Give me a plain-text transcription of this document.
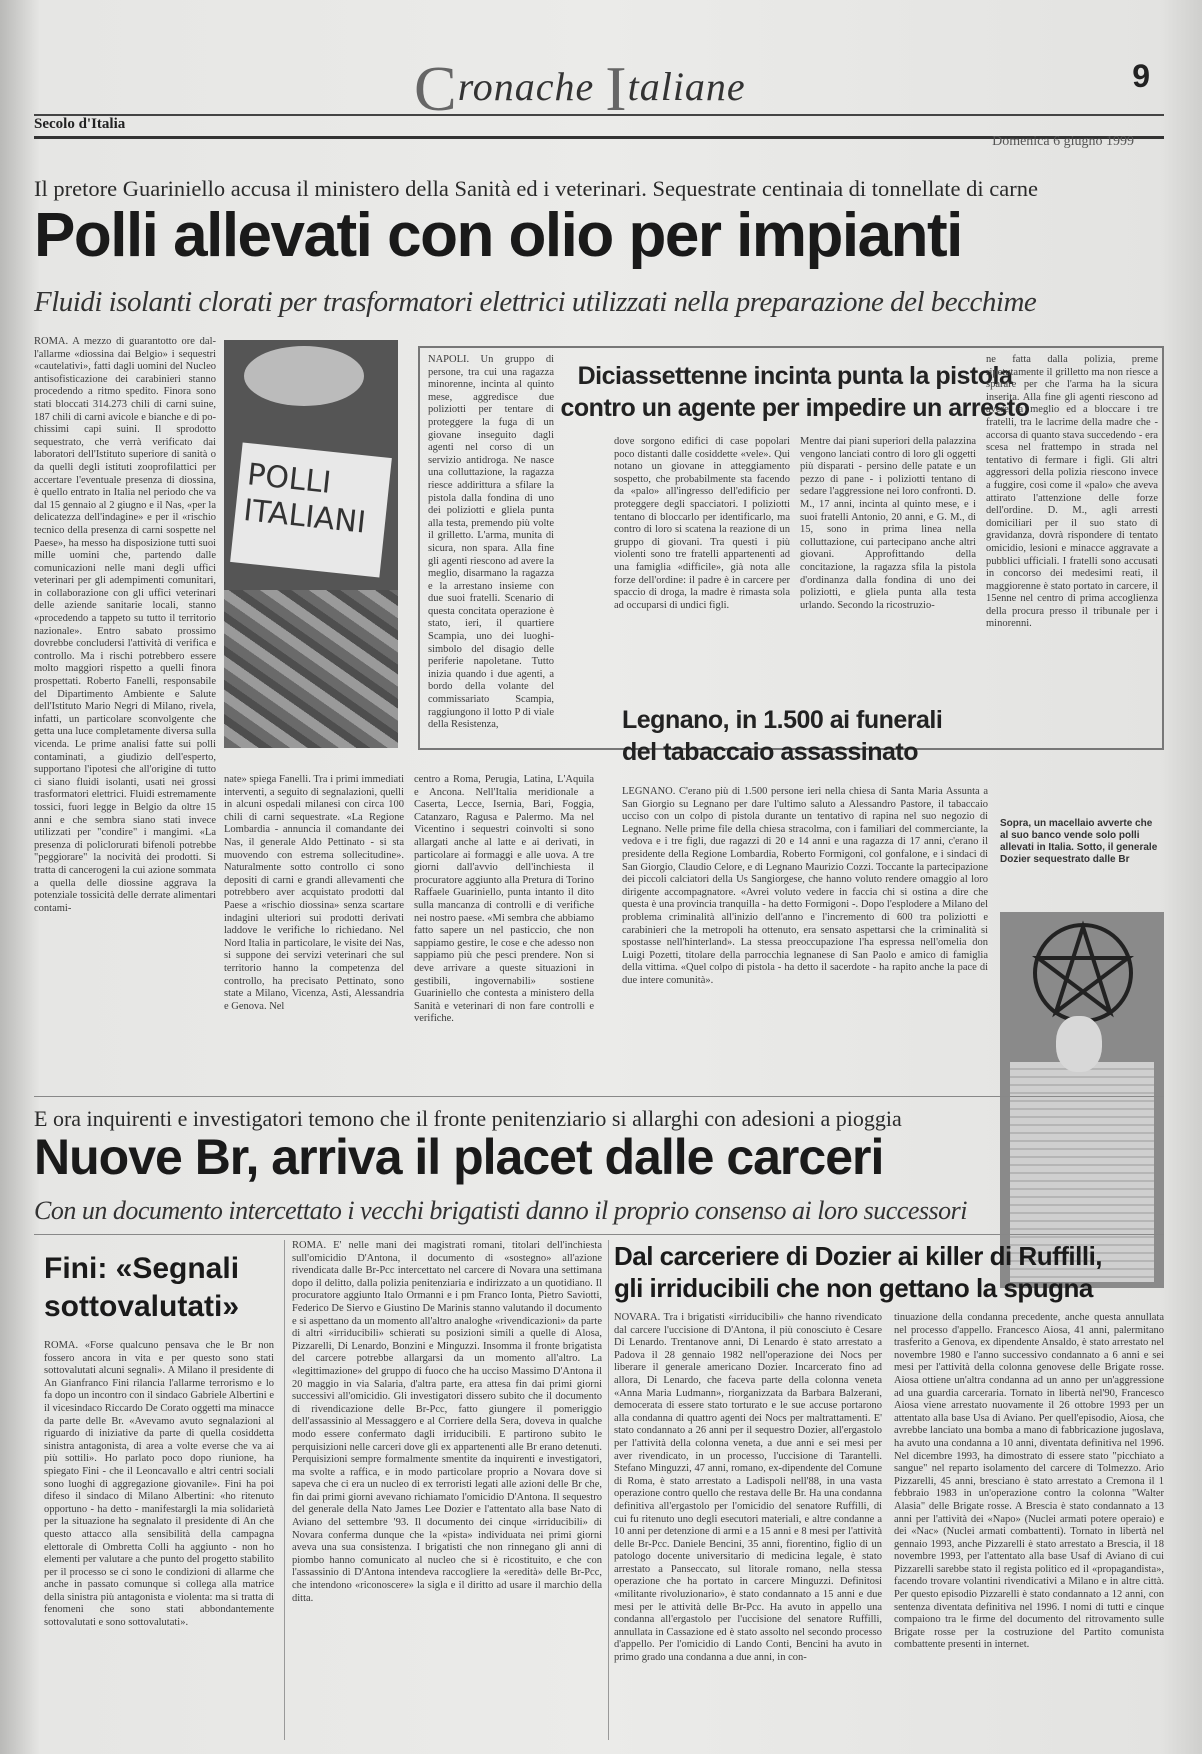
Cronache Italiane	9
Secolo d'Italia
Domenica 6 giugno 1999
Il pretore Guariniello accusa il ministero della Sanità ed i veterinari. Sequestrate centinaia di tonnellate di carne
Polli allevati con olio per impianti
Fluidi isolanti clorati per trasformatori elettrici utilizzati nella preparazione del becchime
ROMA. A mezzo di guarantotto ore dal-l'allarme «diossina dai Belgio» i sequestri «cautelativi», fatti dagli uomini del Nucleo antisofisticazione dei carabinieri stanno procedendo a ritmo spedito. Finora sono stati bloccati 314.273 chili di carni suine, 187 chili di carni avicole e bianche e di po-chissimi capi suini. Il sprodotto sequestrato, che verrà verificato dai laboratori dell'Istituto superiore di sanità o da quelli degli istituti zooprofilattici per accertare l'eventuale presenza di diossina, è quello entrato in Italia nel periodo che va dal 15 gennaio al 2 giugno e il Nas, «per la delicatezza dell'indagine» e per il «rischio tecnico della presenza di carni sospette nel Paese», ha messo ha disposizione tutti suoi mille uomini che, partendo dalle comunicazioni nelle mani degli uffici veterinari per gli adempimenti comunitari, in collaborazione con gli uffici veterinari delle aziende sanitarie locali, stanno «procedendo a tappeto su tutto il territorio nazionale». Entro sabato prossimo dovrebbe concludersi l'attività di verifica e controllo. Ma i rischi potrebbero essere molto maggiori rispetto a quelli finora prospettati. Roberto Fanelli, responsabile del Dipartimento Ambiente e Salute dell'Istituto Mario Negri di Milano, rivela, infatti, un particolare sconvolgente che getta una luce completamente diversa sulla vicenda. Le prime analisi fatte sui polli contaminati, a giudizio dell'esperto, supportano l'ipotesi che all'origine di tutto ci siano fluidi isolanti, usati nei grossi trasformatori elettrici. Fluidi estremamente tossici, fuori legge in Belgio da oltre 15 anni e che sembra siano stati invece utilizzati per "condire" i mangimi. «La presenza di policlorurati bifenoli potrebbe "peggiorare" la nocività dei prodotti. Si tratta di cancerogeni la cui azione sommata a quella delle diossine aggrava la potenziale tossicità delle derrate alimentari contami-
POLLI ITALIANI
nate» spiega Fanelli. Tra i primi immediati interventi, a seguito di segnalazioni, quelli in alcuni ospedali milanesi con circa 100 chili di carni sequestrate. «La Regione Lombardia - annuncia il comandante dei Nas, il generale Aldo Pettinato - si sta muovendo con estrema sollecitudine». Naturalmente sotto controllo ci sono depositi di carni e grandi allevamenti che potrebbero aver acquistato prodotti dal Paese a «rischio diossina» senza scartare indagini ulteriori sui prodotti derivati laddove le verifiche lo richiedano. Nel Nord Italia in particolare, le visite dei Nas, si suppone dei servizi veterinari che sul territorio hanno la competenza del controllo, ha precisato Pettinato, sono state a Milano, Vicenza, Asti, Alessandria e Genova. Nel
centro a Roma, Perugia, Latina, L'Aquila e Ancona. Nell'Italia meridionale a Caserta, Lecce, Isernia, Bari, Foggia, Catanzaro, Ragusa e Palermo. Ma nel Vicentino i sequestri coinvolti si sono allargati anche al latte e ai derivati, in particolare ai formaggi e alle uova. A tre giorni dall'avvio dell'inchiesta il procuratore aggiunto alla Pretura di Torino Raffaele Guariniello, punta intanto il dito sulla mancanza di controlli e di verifiche nei nostro paese. «Mi sembra che abbiamo fatto sapere un nel pasticcio, che non sappiamo gestire, le cose e che adesso non sappiamo più che pesci prendere. Non si deve arrivare a queste situazioni in gestibili, ingovernabili» sostiene Guariniello che contesta a ministero della Sanità e veterinari di non fare controlli e verifiche.
Diciassettenne incinta punta la pistola
contro un agente per impedire un arresto
NAPOLI. Un gruppo di persone, tra cui una ragazza minorenne, incinta al quinto mese, aggredisce due poliziotti per tentare di proteggere la fuga di un giovane inseguito dagli agenti nel corso di un servizio antidroga. Ne nasce una colluttazione, la ragazza riesce addirittura a sfilare la pistola dalla fondina di uno dei poliziotti e gliela punta alla testa, premendo più volte il grilletto. L'arma, munita di sicura, non spara. Alla fine gli agenti riescono ad avere la meglio, disarmano la ragazza e la arrestano insieme con due suoi fratelli. Scenario di questa concitata operazione è stato, ieri, il quartiere Scampia, uno dei luoghi-simbolo del disagio delle periferie napoletane. Tutto inizia quando i due agenti, a bordo della volante del commissariato Scampia, raggiungono il lotto P di viale della Resistenza,
dove sorgono edifici di case popolari poco distanti dalle cosiddette «vele». Qui notano un giovane in atteggiamento sospetto, che probabilmente sta facendo da «palo» all'ingresso dell'edificio per proteggere degli spacciatori. I poliziotti tentano di bloccarlo per identificarlo, ma contro di loro si scatena la reazione di un gruppo di giovani. Tra questi i più violenti sono tre fratelli appartenenti ad una famiglia «difficile», già nota alle forze dell'ordine: il padre è in carcere per spaccio di droga, la madre è rimasta sola ad occuparsi di undici figli.
Mentre dai piani superiori della palazzina vengono lanciati contro di loro gli oggetti più disparati - persino delle patate e un pezzo di pane - i poliziotti tentano di sedare l'aggressione nei loro confronti. D. M., 17 anni, incinta al quinto mese, e i suoi fratelli Antonio, 20 anni, e G. M., di 15, sono in prima linea nella colluttazione, cui partecipano anche altri giovani. Approfittando della concitazione, la ragazza sfila la pistola d'ordinanza dalla fondina di uno dei poliziotti, e gliela punta alla testa urlando. Secondo la ricostruzio-
ne fatta dalla polizia, preme ripetutamente il grilletto ma non riesce a sparare per che l'arma ha la sicura inserita. Alla fine gli agenti riescono ad avere la meglio ed a bloccare i tre fratelli, tra le lacrime della madre che - accorsa di quanto stava succedendo - era scesa nel frattempo in strada nel tentativo di fermare i figli. Gli altri aggressori della polizia riescono invece a fuggire, così come il «palo» che aveva attirato l'attenzione delle forze dell'ordine. D. M., agli arresti domiciliari per il suo stato di gravidanza, dovrà rispondere di tentato omicidio, lesioni e minacce aggravate a pubblici ufficiali. I fratelli sono accusati in concorso dei medesimi reati, il maggiorenne è stato portato in carcere, il 15enne nel centro di prima accoglienza della procura presso il tribunale per i minorenni.
Legnano, in 1.500 ai funerali
del tabaccaio assassinato
LEGNANO. C'erano più di 1.500 persone ieri nella chiesa di Santa Maria Assunta a San Giorgio su Legnano per dare l'ultimo saluto a Alessandro Pastore, il tabaccaio ucciso con un colpo di pistola durante un tentativo di rapina nel suo negozio di Legnano. Nelle prime file della chiesa stracolma, con i familiari del commerciante, la vedova e i tre figli, due ragazzi di 20 e 14 anni e una ragazza di 17 anni, c'erano il presidente della Regione Lombardia, Roberto Formigoni, col gonfalone, e i sindaci di San Giorgio, Claudio Celore, e di Legnano Maurizio Cozzi. Toccante la partecipazione dei piccoli calciatori della Us Sangiorgese, che hanno voluto rendere omaggio al loro dirigente accompagnatore. «Avrei voluto vedere in faccia chi si ostina a dire che questa è una provincia tranquilla - ha detto Formigoni -. Dopo l'esplodere a Milano del problema criminalità all'inizio dell'anno e l'incremento di 600 tra poliziotti e carabinieri che la metropoli ha ottenuto, era sensato aspettarsi che la criminalità si spostasse nell'hinterland». La stessa preoccupazione l'ha espressa nell'omelia don Luigi Pozetti, titolare della parrocchia legnanese di San Paolo e amico di famiglia della vittima. «Quel colpo di pistola - ha detto il sacerdote - ha rapito anche la pace di due intere comunità».
Sopra, un macellaio avverte che al suo banco vende solo polli allevati in Italia. Sotto, il generale Dozier sequestrato dalle Br
E ora inquirenti e investigatori temono che il fronte penitenziario si allarghi con adesioni a pioggia
Nuove Br, arriva il placet dalle carceri
Con un documento intercettato i vecchi brigatisti danno il proprio consenso ai loro successori
Fini: «Segnali sottovalutati»
ROMA. «Forse qualcuno pensava che le Br non fossero ancora in vita e per questo sono stati sottovalutati alcuni segnali». A Milano il presidente di An Gianfranco Fini rilancia l'allarme terrorismo e lo fa dopo un incontro con il sindaco Gabriele Albertini e il vicesindaco Riccardo De Corato oggetti ma minacce da parte delle Br. «Avevamo avuto segnalazioni al riguardo di iniziative da parte di quella cosiddetta sinistra antagonista, di area a volte everse che va ai più sottili». Ho parlato poco dopo riunione, ha spiegato Fini - che il Leoncavallo e altri centri sociali sono luoghi di aggregazione giovanile». Fini ha poi difeso il sindaco di Milano Albertini: «ho ritenuto opportuno - ha detto - manifestargli la mia solidarietà per la situazione ha segnalato il presidente di An che questo attacco alla sensibilità della campagna elettorale di Ombretta Colli ha aggiunto - non ho elementi per valutare a che punto del progetto stabilito per il processo se ci sono le condizioni di allarme che anche in passato comunque si collega alla matrice della sinistra più antagonista e violenta: ma si tratta di fenomeni che sono stati abbondantemente sottovalutati e sono sottovalutati».
ROMA. E' nelle mani dei magistrati romani, titolari dell'inchiesta sull'omicidio D'Antona, il documento di «sostegno» all'azione rivendicata dalle Br-Pcc intercettato nel carcere di Novara una settimana dopo il delitto, dalla polizia penitenziaria e indirizzato a un quotidiano. Il procuratore aggiunto Italo Ormanni e i pm Franco Ionta, Pietro Saviotti, Federico De Siervo e Giustino De Marinis stanno valutando il documento e si aspettano da un momento all'altro analoghe «rivendicazioni» da parte di altri «irriducibili» schierati su posizioni simili a quelle di Alosa, Pizzarelli, Di Lenardo, Bonzini e Minguzzi. Insomma il fronte brigatista del carcere potrebbe allargarsi da un momento all'altro. La «legittimazione» del gruppo di fuoco che ha ucciso Massimo D'Antona il 20 maggio in via Salaria, d'altra parte, era attesa fin dai primi giorni successivi all'omicidio. Gli investigatori dissero subito che il documento di rivendicazione delle Br-Pcc, fatto giungere il pomeriggio dell'assassinio al Messaggero e al Corriere della Sera, doveva in qualche modo essere confermato dagli irriducibili. E partirono subito le perquisizioni nelle carceri dove gli ex appartenenti alle Br erano detenuti. Perquisizioni sempre formalmente smentite da inquirenti e investigatori, ma svolte a raffica, e in modo particolare proprio a Novara dove si sapeva che ci era un nucleo di ex terroristi legati alle azioni delle Br che, fin dai primi giorni avevano richiamato l'omicidio D'Antona. Il sequestro del generale della Nato James Lee Dozier e l'attentato alla base Nato di Aviano del settembre '93. Il documento dei cinque «irriducibili» di Novara conferma dunque che la «pista» individuata nei primi giorni aveva una sua consistenza. I brigatisti che non rinnegano gli anni di piombo hanno comunicato al nucleo che si è ricostituito, e che con l'assassinio di D'Antona intendeva raccogliere la «eredità» delle Br-Pcc, che intendono «riconoscere» la sigla e il diritto ad usare il marchio della ditta.
Dal carceriere di Dozier ai killer di Ruffilli,
gli irriducibili che non gettano la spugna
NOVARA. Tra i brigatisti «irriducibili» che hanno rivendicato dal carcere l'uccisione di D'Antona, il più conosciuto è Cesare Di Lenardo. Trentanove anni, Di Lenardo è stato arrestato a Padova il 28 gennaio 1982 nell'operazione dei Nocs per liberare il generale americano Dozier. Incarcerato fino ad allora, Di Lenardo, che faceva parte della colonna veneta «Anna Maria Ludmann», riorganizzata da Barbara Balzerani, democerata di essere stato torturato e le sue accuse portarono alla condanna di quattro agenti dei Nocs per maltrattamenti. E' stato condannato a 26 anni per il sequestro Dozier, all'ergastolo per l'attività della colonna veneta, a due anni e sei mesi per aver rivendicato, in un processo, l'uccisione di Tarantelli. Stefano Minguzzi, 47 anni, romano, ex-dipendente del Comune di Roma, è stato arrestato a Ladispoli nell'88, in una vasta operazione contro quello che restava delle Br. Ha una condanna definitiva all'ergastolo per l'omicidio del senatore Ruffilli, di cui fu ritenuto uno degli esecutori materiali, e altre condanne a 10 anni per detenzione di armi e a 15 anni e 8 mesi per l'attività delle Br-Pcc. Daniele Bencini, 35 anni, fiorentino, figlio di un patologo docente universitario di medicina legale, è stato arrestato a Panseccato, sul litorale romano, nella stessa operazione che ha portato in carcere Minguzzi. Definitosi «militante rivoluzionario», è stato condannato a 15 anni e due mesi per le attività delle Br-Pcc. Ha avuto in appello una condanna all'ergastolo per l'uccisione del senatore Ruffilli, annullata in Cassazione ed è stato assolto nel secondo processo d'appello. Per l'omicidio di Lando Conti, Bencini ha avuto in primo grado una condanna a due anni, in con-
tinuazione della condanna precedente, anche questa annullata nel processo d'appello. Francesco Aiosa, 41 anni, palermitano trasferito a Genova, ex dipendente Ansaldo, è stato arrestato nel novembre 1980 e l'anno successivo condannato a 6 anni e sei mesi per l'attività della colonna genovese delle Brigate rosse. Aiosa ottiene un'altra condanna ad un anno per un'aggressione ad una guardia carceraria. Tornato in libertà nel'90, Francesco Aiosa viene arrestato nuovamente il 26 ottobre 1993 per un attentato alla base Usa di Aviano. Per quell'episodio, Aiosa, che avrebbe lanciato una bomba a mano di fabbricazione jugoslava, ha avuto una condanna a 10 anni, diventata definitiva nel 1996. Nel dicembre 1993, ha dimostrato di essere stato "picchiato a sangue" nel reparto isolamento del carcere di Tolmezzo. Ario Pizzarelli, 45 anni, bresciano è stato arrestato a Cremona il 1 febbraio 1983 in un'operazione contro la colonna "Walter Alasia" delle Brigate rosse. A Brescia è stato condannato a 13 anni per l'attività dei «Napo» (Nuclei armati potere operaio) e dei «Nac» (Nuclei armati combattenti). Tornato in libertà nel gennaio 1993, anche Pizzarelli è stato arrestato a Brescia, il 18 novembre 1993, per l'attentato alla base Usaf di Aviano di cui Pizzarelli sarebbe stato il regista politico ed il «propagandista», facendo trovare volantini rivendicativi a Milano e in altre città. Per questo episodio Pizzarelli è stato condannato a 12 anni, con sentenza diventata definitiva nel 1996. I nomi di tutti e cinque compaiono tra le firme del documento del ritrovamento sulle Brigate rosse per la costruzione del Partito comunista combattente presenti in internet.
